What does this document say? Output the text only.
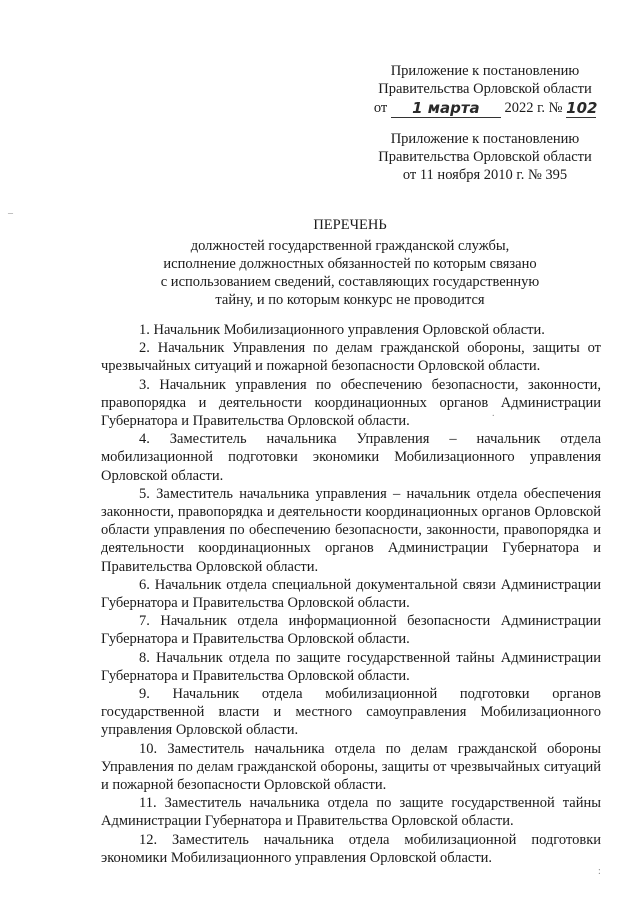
Приложение к постановлению
Правительства Орловской области
от 1 марта 2022 г. № 102
Приложение к постановлению
Правительства Орловской области
от 11 ноября 2010 г. № 395
ПЕРЕЧЕНЬ
должностей государственной гражданской службы,
исполнение должностных обязанностей по которым связано
с использованием сведений, составляющих государственную
тайну, и по которым конкурс не проводится

1. Начальник Мобилизационного управления Орловской области.

2. Начальник Управления по делам гражданской обороны, защиты от чрезвычайных ситуаций и пожарной безопасности Орловской области.

3. Начальник управления по обеспечению безопасности, законности, правопорядка и деятельности координационных органов Администрации Губернатора и Правительства Орловской области.

4. Заместитель начальника Управления – начальник отдела мобилизационной подготовки экономики Мобилизационного управления Орловской области.

5. Заместитель начальника управления – начальник отдела обеспечения законности, правопорядка и деятельности координационных органов Орловской области управления по обеспечению безопасности, законности, правопорядка и деятельности координационных органов Администрации Губернатора и Правительства Орловской области.

6. Начальник отдела специальной документальной связи Администрации Губернатора и Правительства Орловской области.

7. Начальник отдела информационной безопасности Администрации Губернатора и Правительства Орловской области.

8. Начальник отдела по защите государственной тайны Администрации Губернатора и Правительства Орловской области.

9. Начальник отдела мобилизационной подготовки органов государственной власти и местного самоуправления Мобилизационного управления Орловской области.

10. Заместитель начальника отдела по делам гражданской обороны Управления по делам гражданской обороны, защиты от чрезвычайных ситуаций и пожарной безопасности Орловской области.

11. Заместитель начальника отдела по защите государственной тайны Администрации Губернатора и Правительства Орловской области.

12. Заместитель начальника отдела мобилизационной подготовки экономики Мобилизационного управления Орловской области.

–
.
:
